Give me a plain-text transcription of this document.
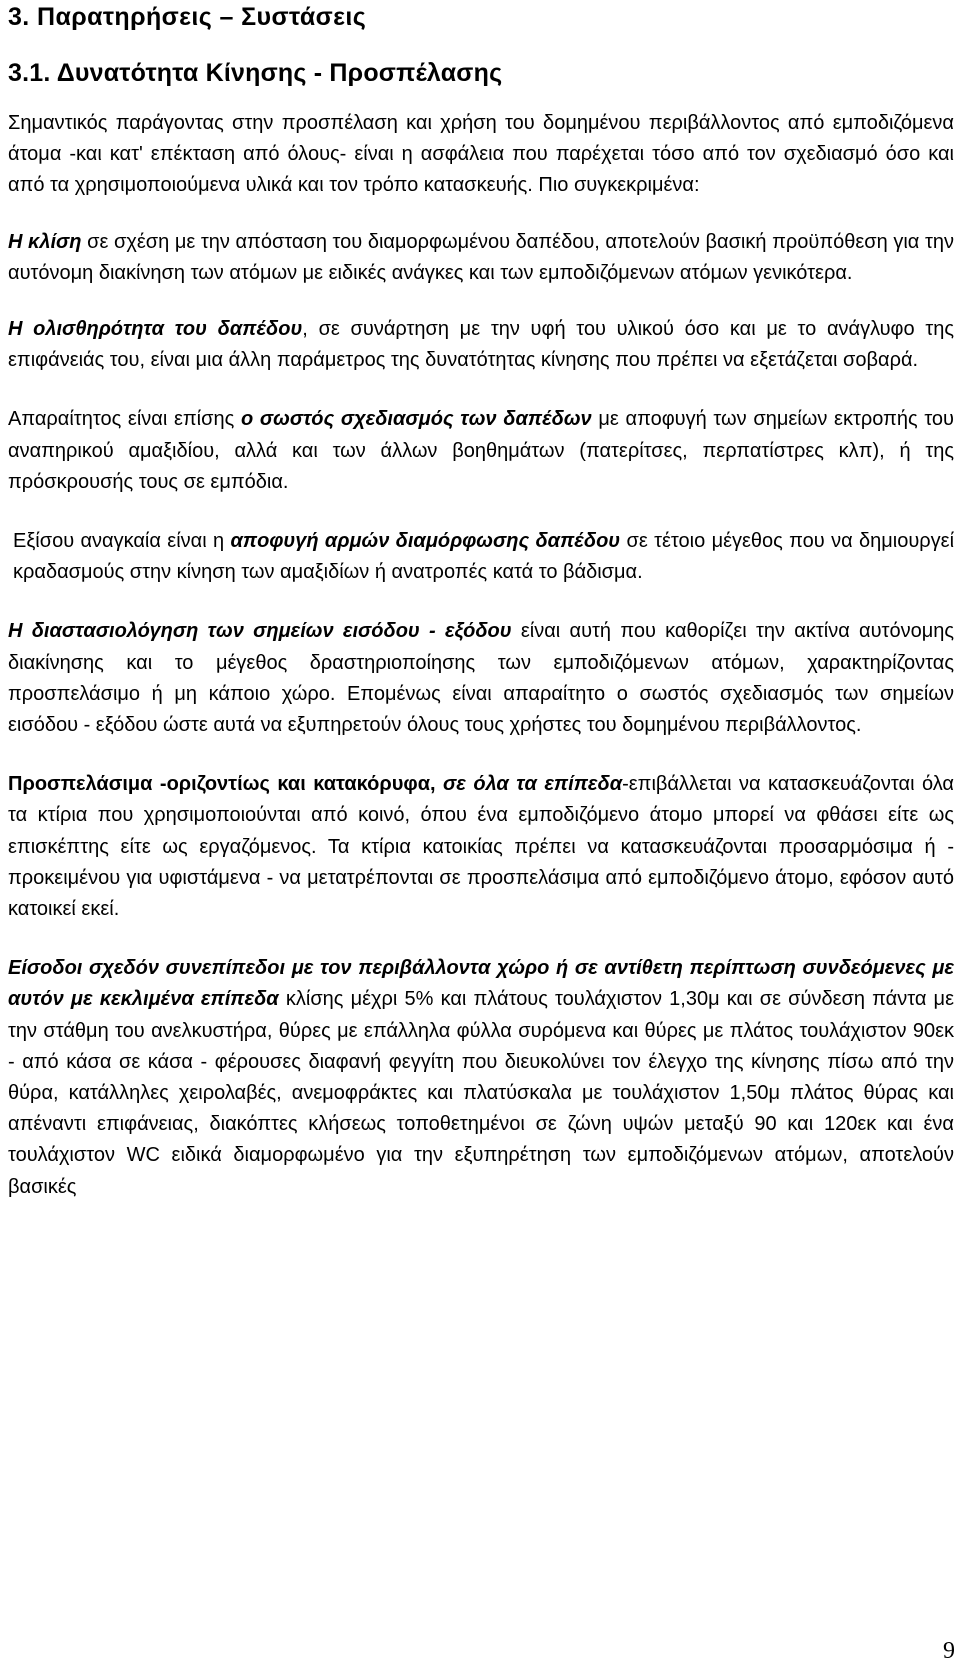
3. Παρατηρήσεις – Συστάσεις
3.1. Δυνατότητα Κίνησης - Προσπέλασης

Σημαντικός παράγοντας στην προσπέλαση και χρήση του δομημένου περιβάλλοντος από εμποδιζόμενα άτομα -και κατ' επέκταση από όλους- είναι η ασφάλεια που παρέχεται τόσο από τον σχεδιασμό όσο και από τα χρησιμοποιούμενα υλικά και τον τρόπο κατασκευής. Πιο συγκεκριμένα:

Η κλίση σε σχέση με την απόσταση του διαμορφωμένου δαπέδου, αποτελούν βασική προϋπόθεση για την αυτόνομη διακίνηση των ατόμων με ειδικές ανάγκες και των εμποδιζόμενων ατόμων γενικότερα.

Η ολισθηρότητα του δαπέδου, σε συνάρτηση με την υφή του υλικού όσο και με το ανάγλυφο της επιφάνειάς του, είναι μια άλλη παράμετρος της δυνατότητας κίνησης που πρέπει να εξετάζεται σοβαρά.

Απαραίτητος είναι επίσης ο σωστός σχεδιασμός των δαπέδων με αποφυγή των σημείων εκτροπής του αναπηρικού αμαξιδίου, αλλά και των άλλων βοηθημάτων (πατερίτσες, περπατίστρες κλπ), ή της πρόσκρουσής τους σε εμπόδια.

Εξίσου αναγκαία είναι η αποφυγή αρμών διαμόρφωσης δαπέδου σε τέτοιο μέγεθος που να δημιουργεί κραδασμούς στην κίνηση των αμαξιδίων ή ανατροπές κατά το βάδισμα.

Η διαστασιολόγηση των σημείων εισόδου - εξόδου είναι αυτή που καθορίζει την ακτίνα αυτόνομης διακίνησης και το μέγεθος δραστηριοποίησης των εμποδιζόμενων ατόμων, χαρακτηρίζοντας προσπελάσιμο ή μη κάποιο χώρο. Επομένως είναι απαραίτητο ο σωστός σχεδιασμός των σημείων εισόδου - εξόδου ώστε αυτά να εξυπηρετούν όλους τους χρήστες του δομημένου περιβάλλοντος.

Προσπελάσιμα -οριζοντίως και κατακόρυφα, σε όλα τα επίπεδα-επιβάλλεται να κατασκευάζονται όλα τα κτίρια που χρησιμοποιούνται από κοινό, όπου ένα εμποδιζόμενο άτομο μπορεί να φθάσει είτε ως επισκέπτης είτε ως εργαζόμενος. Τα κτίρια κατοικίας πρέπει να κατασκευάζονται προσαρμόσιμα ή - προκειμένου για υφιστάμενα - να μετατρέπονται σε προσπελάσιμα από εμποδιζόμενο άτομο, εφόσον αυτό κατοικεί εκεί.

Είσοδοι σχεδόν συνεπίπεδοι με τον περιβάλλοντα χώρο ή σε αντίθετη περίπτωση συνδεόμενες με αυτόν με κεκλιμένα επίπεδα κλίσης μέχρι 5% και πλάτους τουλάχιστον 1,30μ και σε σύνδεση πάντα με την στάθμη του ανελκυστήρα, θύρες με επάλληλα φύλλα συρόμενα και θύρες με πλάτος τουλάχιστον 90εκ - από κάσα σε κάσα - φέρουσες διαφανή φεγγίτη που διευκολύνει τον έλεγχο της κίνησης πίσω από την θύρα, κατάλληλες χειρολαβές, ανεμοφράκτες και πλατύσκαλα με τουλάχιστον 1,50μ πλάτος θύρας και απέναντι επιφάνειας, διακόπτες κλήσεως τοποθετημένοι σε ζώνη υψών μεταξύ 90 και 120εκ και ένα τουλάχιστον WC ειδικά διαμορφωμένο για την εξυπηρέτηση των εμποδιζόμενων ατόμων, αποτελούν βασικές

9
